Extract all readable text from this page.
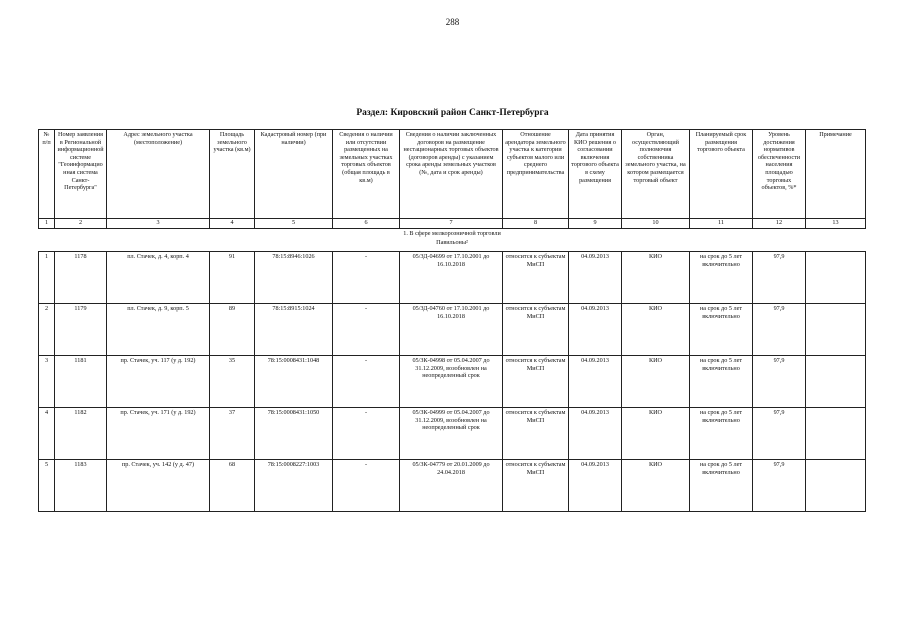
288
Раздел: Кировский район Санкт-Петербурга
№ п/п	Номер заявления в Региональной информационной системе "Геоинформационная система Санкт-Петербурга"	Адрес земельного участка (местоположение)	Площадь земельного участка (кв.м)	Кадастровый номер (при наличии)	Сведения о наличии или отсутствии размещенных на земельных участках торговых объектов (общая площадь в кв.м)	Сведения о наличии заключенных договоров на размещение нестационарных торговых объектов (договоров аренды) с указанием срока аренды земельных участков (№, дата и срок аренды)	Отношение арендатора земельного участка к категории субъектов малого или среднего предпринимательства	Дата принятия КИО решения о согласовании включения торгового объекта в схему размещения	Орган, осуществляющий полномочия собственника земельного участка, на котором размещается торговый объект	Планируемый срок размещения торгового объекта	Уровень достижения нормативов обеспеченности населения площадью торговых объектов, %*	Примечание
1	2	3	4	5	6	7	8	9	10	11	12	13
1. В сфере мелкорозничной торговли												
Павильоны²												

1	1178	пл. Стачек, д. 4, корп. 4	91	78:15:8946:1026	-	05/ЗД-04699 от 17.10.2001 до 16.10.2018	относится к субъектам МиСП	04.09.2013	КИО	на срок до 5 лет включительно	97,9	
2	1179	пл. Стачек, д. 9, корп. 5	89	78:15:8915:1024	-	05/ЗД-04760 от 17.10.2001 до 16.10.2018	относится к субъектам МиСП	04.09.2013	КИО	на срок до 5 лет включительно	97,9	
3	1181	пр. Стачек, уч. 117 (у д. 192)	35	78:15:0008431:1048	-	05/ЗК-04998 от 05.04.2007 до 31.12.2009, возобновлен на неопределенный срок	относится к субъектам МиСП	04.09.2013	КИО	на срок до 5 лет включительно	97,9	
4	1182	пр. Стачек, уч. 171 (у д. 192)	37	78:15:0008431:1050	-	05/ЗК-04999 от 05.04.2007 до 31.12.2009, возобновлен на неопределенный срок	относится к субъектам МиСП	04.09.2013	КИО	на срок до 5 лет включительно	97,9	
5	1183	пр. Стачек, уч. 142 (у д. 47)	68	78:15:0008227:1003	-	05/ЗК-04779 от 20.01.2009 до 24.04.2018	относится к субъектам МиСП	04.09.2013	КИО	на срок до 5 лет включительно	97,9	
